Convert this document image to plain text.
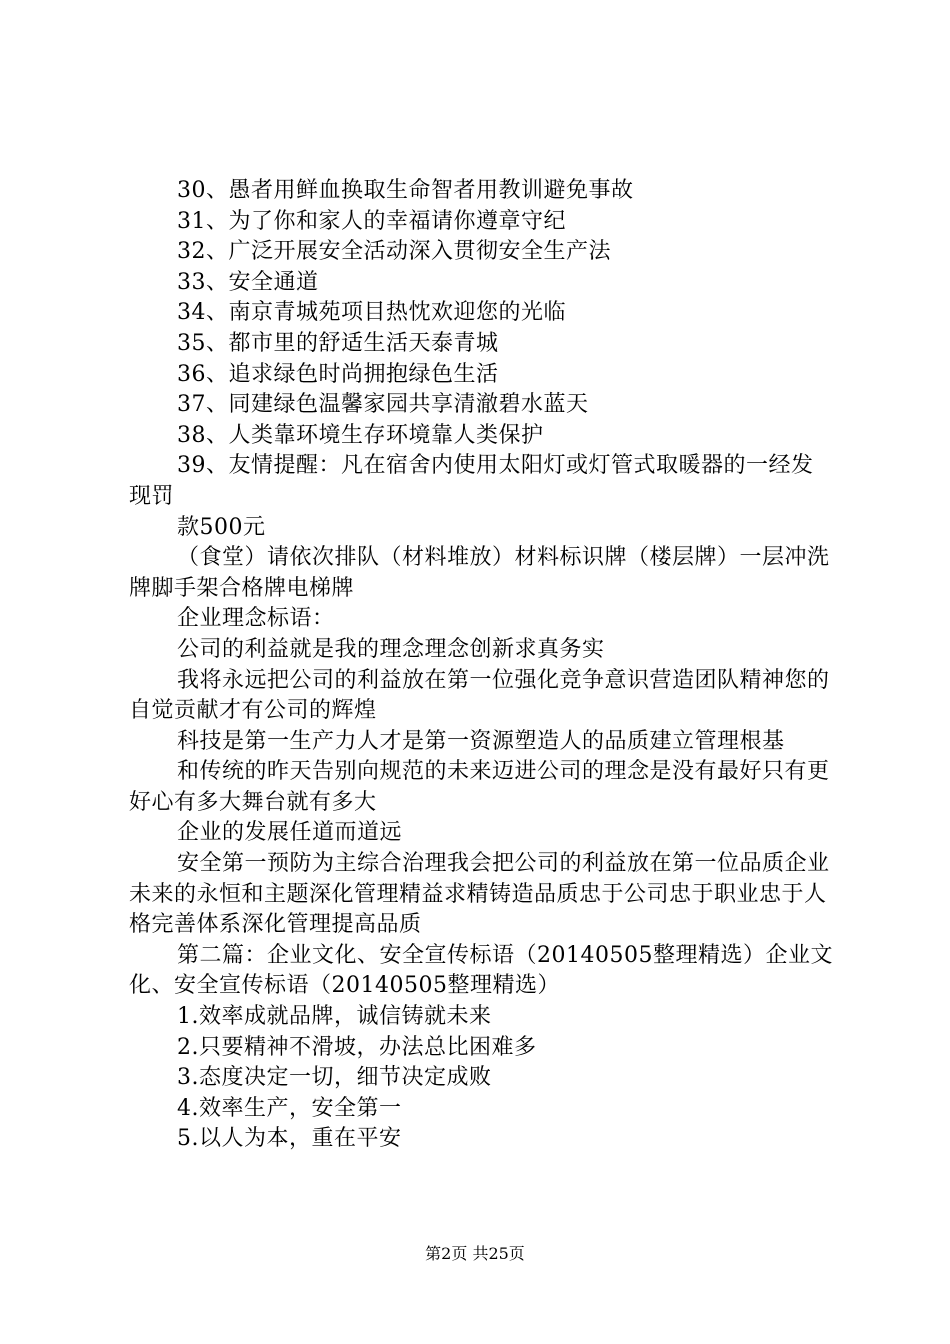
30、愚者用鲜血换取生命智者用教训避免事故

31、为了你和家人的幸福请你遵章守纪

32、广泛开展安全活动深入贯彻安全生产法

33、安全通道

34、南京青城苑项目热忱欢迎您的光临

35、都市里的舒适生活天泰青城

36、追求绿色时尚拥抱绿色生活

37、同建绿色温馨家园共享清澈碧水蓝天

38、人类靠环境生存环境靠人类保护

39、友情提醒：凡在宿舍内使用太阳灯或灯管式取暖器的一经发现罚

款500元

（食堂）请依次排队（材料堆放）材料标识牌（楼层牌）一层冲洗牌脚手架合格牌电梯牌

企业理念标语：

公司的利益就是我的理念理念创新求真务实

我将永远把公司的利益放在第一位强化竞争意识营造团队精神您的自觉贡献才有公司的辉煌

科技是第一生产力人才是第一资源塑造人的品质建立管理根基

和传统的昨天告别向规范的未来迈进公司的理念是没有最好只有更好心有多大舞台就有多大

企业的发展任道而道远

安全第一预防为主综合治理我会把公司的利益放在第一位品质企业未来的永恒和主题深化管理精益求精铸造品质忠于公司忠于职业忠于人格完善体系深化管理提高品质

第二篇：企业文化、安全宣传标语（20140505整理精选）企业文化、安全宣传标语（20140505整理精选）

1.效率成就品牌，诚信铸就未来

2.只要精神不滑坡，办法总比困难多

3.态度决定一切，细节决定成败

4.效率生产，安全第一

5.以人为本，重在平安

第2页 共25页
